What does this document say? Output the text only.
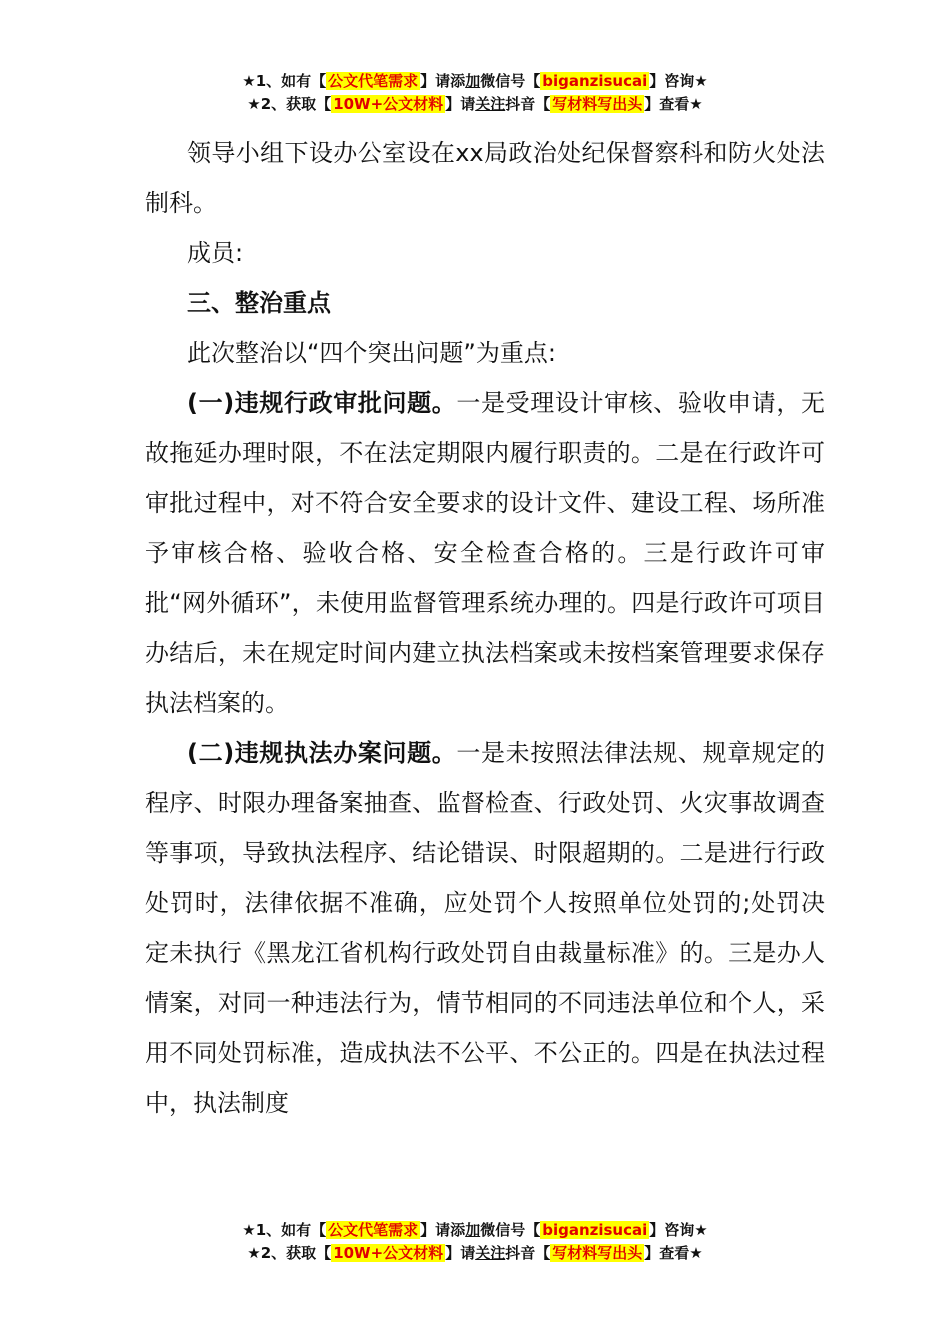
★1、如有【 公文代笔需求 】请添加微信号【 biganzisucai 】咨询★
★2、获取【 10W+公文材料 】请关注抖音【 写材料写出头 】查看★

领导小组下设办公室设在xx局政治处纪保督察科和防火处法制科。

成员:

三、整治重点

此次整治以“四个突出问题”为重点:

(一)违规行政审批问题。一是受理设计审核、验收申请，无故拖延办理时限，不在法定期限内履行职责的。二是在行政许可审批过程中，对不符合安全要求的设计文件、建设工程、场所准予审核合格、验收合格、安全检查合格的。三是行政许可审批“网外循环”，未使用监督管理系统办理的。四是行政许可项目办结后，未在规定时间内建立执法档案或未按档案管理要求保存执法档案的。

(二)违规执法办案问题。一是未按照法律法规、规章规定的程序、时限办理备案抽查、监督检查、行政处罚、火灾事故调查等事项，导致执法程序、结论错误、时限超期的。二是进行行政处罚时，法律依据不准确，应处罚个人按照单位处罚的;处罚决定未执行《黑龙江省机构行政处罚自由裁量标准》的。三是办人情案，对同一种违法行为，情节相同的不同违法单位和个人，采用不同处罚标准，造成执法不公平、不公正的。四是在执法过程中，执法制度

★1、如有【 公文代笔需求 】请添加微信号【 biganzisucai 】咨询★
★2、获取【 10W+公文材料 】请关注抖音【 写材料写出头 】查看★
